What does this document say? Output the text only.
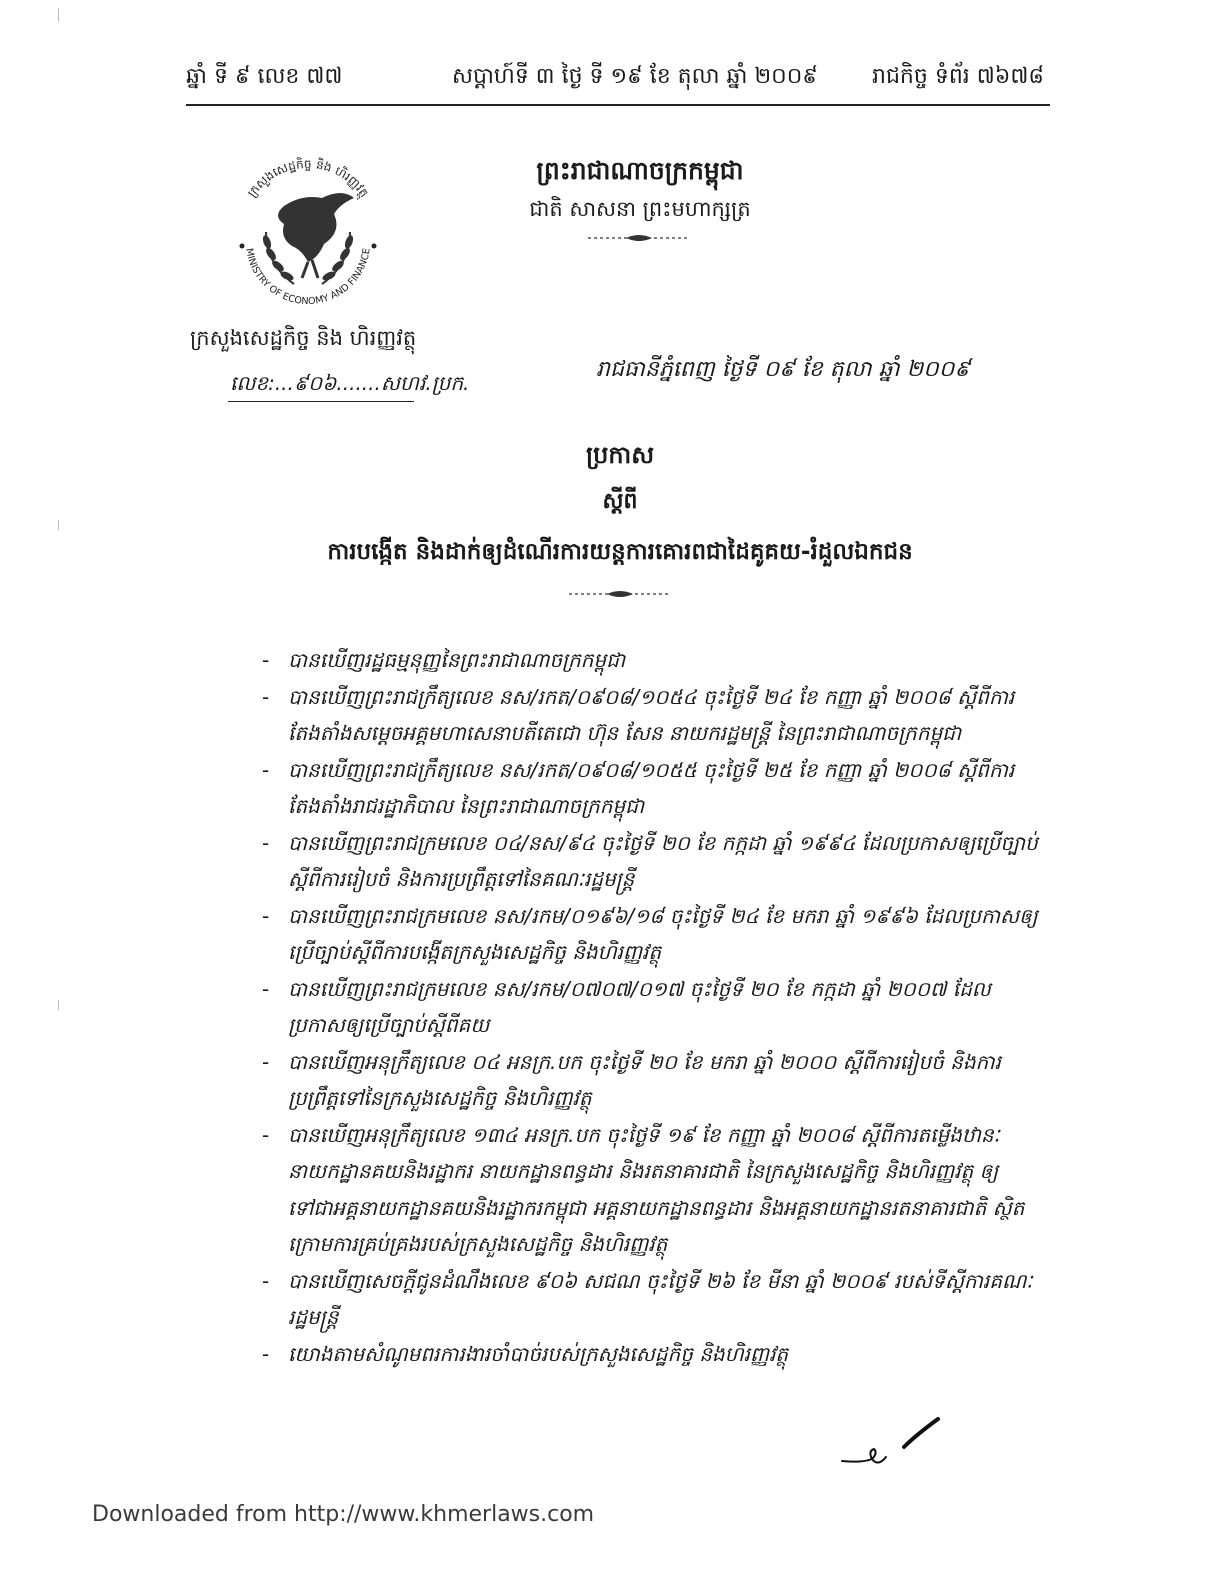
ឆ្នាំ ទី ៩ លេខ ៧៧	សប្តាហ៍ទី ៣ ថ្ងៃ ទី ១៩ ខែ តុលា ឆ្នាំ ២០០៩ រាជកិច្ច ទំព័រ ៧៦៧៨
ក្រសួងសេដ្ឋកិច្ច និង ហិរញ្ញវត្ថុ
MINISTRY OF ECONOMY AND FINANCE
ព្រះរាជាណាចក្រកម្ពុជា
ជាតិ សាសនា ព្រះមហាក្សត្រ
ក្រសួងសេដ្ឋកិច្ច និង ហិរញ្ញវត្ថុ
លេខ:...៩០៦.......សហវ.ប្រក.
រាជធានីភ្នំពេញ ថ្ងៃទី ០៩ ខែ តុលា ឆ្នាំ ២០០៩
ប្រកាស
ស្តីពី
ការបង្កើត និងដាក់ឲ្យដំណើរការយន្តការគោរពជាដៃគូគយ-រំដួលឯកជន
- បានឃើញរដ្ឋធម្មនុញ្ញនៃព្រះរាជាណាចក្រកម្ពុជា
- បានឃើញព្រះរាជក្រឹត្យលេខ នស/រកត/០៩០៨/១០៥៤ ចុះថ្ងៃទី ២៤ ខែ កញ្ញា ឆ្នាំ ២០០៨ ស្តីពីការតែងតាំងសម្តេចអគ្គមហាសេនាបតីតេជោ ហ៊ុន សែន នាយករដ្ឋមន្ត្រី នៃព្រះរាជាណាចក្រកម្ពុជា
- បានឃើញព្រះរាជក្រឹត្យលេខ នស/រកត/០៩០៨/១០៥៥ ចុះថ្ងៃទី ២៥ ខែ កញ្ញា ឆ្នាំ ២០០៨ ស្តីពីការតែងតាំងរាជរដ្ឋាភិបាល នៃព្រះរាជាណាចក្រកម្ពុជា
- បានឃើញព្រះរាជក្រមលេខ ០៤/នស/៩៤ ចុះថ្ងៃទី ២០ ខែ កក្កដា ឆ្នាំ ១៩៩៤ ដែលប្រកាសឲ្យប្រើច្បាប់ស្តីពីការរៀបចំ និងការប្រព្រឹត្តទៅនៃគណៈរដ្ឋមន្ត្រី
- បានឃើញព្រះរាជក្រមលេខ នស/រកម/០១៩៦/១៨ ចុះថ្ងៃទី ២៤ ខែ មករា ឆ្នាំ ១៩៩៦ ដែលប្រកាសឲ្យប្រើច្បាប់ស្តីពីការបង្កើតក្រសួងសេដ្ឋកិច្ច និងហិរញ្ញវត្ថុ
- បានឃើញព្រះរាជក្រមលេខ នស/រកម/០៧០៧/០១៧ ចុះថ្ងៃទី ២០ ខែ កក្កដា ឆ្នាំ ២០០៧ ដែលប្រកាសឲ្យប្រើច្បាប់ស្តីពីគយ
- បានឃើញអនុក្រឹត្យលេខ ០៤ អនក្រ.បក ចុះថ្ងៃទី ២០ ខែ មករា ឆ្នាំ ២០០០ ស្តីពីការរៀបចំ និងការប្រព្រឹត្តទៅនៃក្រសួងសេដ្ឋកិច្ច និងហិរញ្ញវត្ថុ
- បានឃើញអនុក្រឹត្យលេខ ១៣៤ អនក្រ.បក ចុះថ្ងៃទី ១៩ ខែ កញ្ញា ឆ្នាំ ២០០៨ ស្តីពីការតម្លើងឋានៈនាយកដ្ឋានគយនិងរដ្ឋាករ នាយកដ្ឋានពន្ធដារ និងរតនាគារជាតិ នៃក្រសួងសេដ្ឋកិច្ច និងហិរញ្ញវត្ថុ ឲ្យទៅជាអគ្គនាយកដ្ឋានគយនិងរដ្ឋាករកម្ពុជា អគ្គនាយកដ្ឋានពន្ធដារ និងអគ្គនាយកដ្ឋានរតនាគារជាតិ ស្ថិតក្រោមការគ្រប់គ្រងរបស់ក្រសួងសេដ្ឋកិច្ច និងហិរញ្ញវត្ថុ
- បានឃើញសេចក្តីជូនដំណឹងលេខ ៩០៦ សជណ ចុះថ្ងៃទី ២៦ ខែ មីនា ឆ្នាំ ២០០៩ របស់ទីស្តីការគណៈរដ្ឋមន្ត្រី
- យោងតាមសំណូមពរការងារចាំបាច់របស់ក្រសួងសេដ្ឋកិច្ច និងហិរញ្ញវត្ថុ
Downloaded from http://www.khmerlaws.com
